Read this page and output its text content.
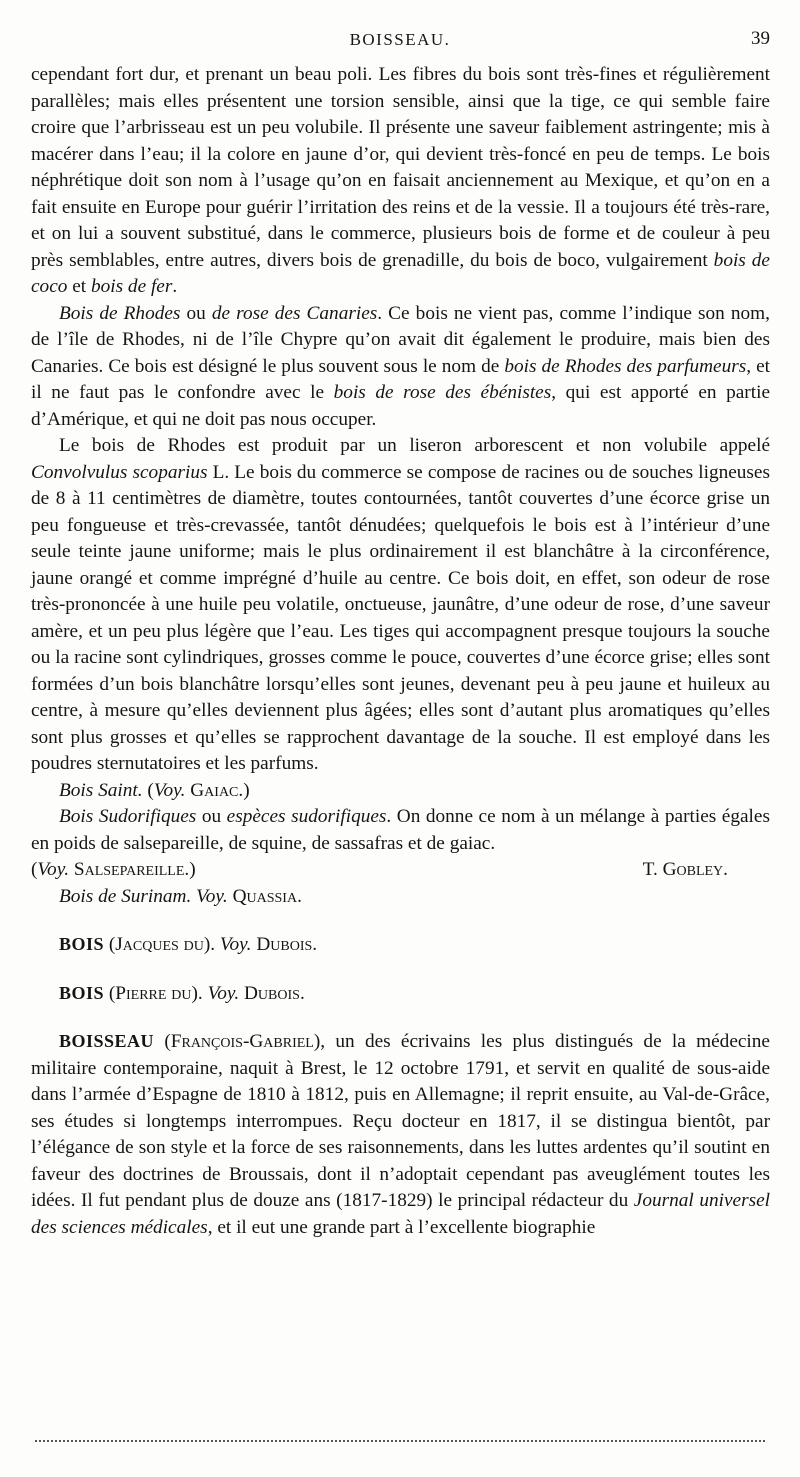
BOISSEAU.	39

cependant fort dur, et prenant un beau poli. Les fibres du bois sont très-fines et régulièrement parallèles; mais elles présentent une torsion sensible, ainsi que la tige, ce qui semble faire croire que l’arbrisseau est un peu volubile. Il présente une saveur faiblement astringente; mis à macérer dans l’eau; il la colore en jaune d’or, qui devient très-foncé en peu de temps. Le bois néphrétique doit son nom à l’usage qu’on en faisait anciennement au Mexique, et qu’on en a fait ensuite en Europe pour guérir l’irritation des reins et de la vessie. Il a toujours été très-rare, et on lui a souvent substitué, dans le commerce, plusieurs bois de forme et de couleur à peu près semblables, entre autres, divers bois de grenadille, du bois de boco, vulgairement bois de coco et bois de fer.

Bois de Rhodes ou de rose des Canaries. Ce bois ne vient pas, comme l’indique son nom, de l’île de Rhodes, ni de l’île Chypre qu’on avait dit également le produire, mais bien des Canaries. Ce bois est désigné le plus souvent sous le nom de bois de Rhodes des parfumeurs, et il ne faut pas le confondre avec le bois de rose des ébénistes, qui est apporté en partie d’Amérique, et qui ne doit pas nous occuper.

Le bois de Rhodes est produit par un liseron arborescent et non volubile appelé Convolvulus scoparius L. Le bois du commerce se compose de racines ou de souches ligneuses de 8 à 11 centimètres de diamètre, toutes contournées, tantôt couvertes d’une écorce grise un peu fongueuse et très-crevassée, tantôt dénudées; quelquefois le bois est à l’intérieur d’une seule teinte jaune uniforme; mais le plus ordinairement il est blanchâtre à la circonférence, jaune orangé et comme imprégné d’huile au centre. Ce bois doit, en effet, son odeur de rose très-prononcée à une huile peu volatile, onctueuse, jaunâtre, d’une odeur de rose, d’une saveur amère, et un peu plus légère que l’eau. Les tiges qui accompagnent presque toujours la souche ou la racine sont cylindriques, grosses comme le pouce, couvertes d’une écorce grise; elles sont formées d’un bois blanchâtre lorsqu’elles sont jeunes, devenant peu à peu jaune et huileux au centre, à mesure qu’elles deviennent plus âgées; elles sont d’autant plus aromatiques qu’elles sont plus grosses et qu’elles se rapprochent davantage de la souche. Il est employé dans les poudres sternutatoires et les parfums.

Bois Saint. (Voy. Gaiac.)

Bois Sudorifiques ou espèces sudorifiques. On donne ce nom à un mélange à parties égales en poids de salsepareille, de squine, de sassafras et de gaiac.

(Voy. Salsepareille.)	T. Gobley.

Bois de Surinam. Voy. Quassia.

BOIS (Jacques du). Voy. Dubois.

BOIS (Pierre du). Voy. Dubois.

BOISSEAU (François-Gabriel), un des écrivains les plus distingués de la médecine militaire contemporaine, naquit à Brest, le 12 octobre 1791, et servit en qualité de sous-aide dans l’armée d’Espagne de 1810 à 1812, puis en Allemagne; il reprit ensuite, au Val-de-Grâce, ses études si longtemps interrompues. Reçu docteur en 1817, il se distingua bientôt, par l’élégance de son style et la force de ses raisonnements, dans les luttes ardentes qu’il soutint en faveur des doctrines de Broussais, dont il n’adoptait cependant pas aveuglément toutes les idées. Il fut pendant plus de douze ans (1817-1829) le principal rédacteur du Journal universel des sciences médicales, et il eut une grande part à l’excellente biographie
